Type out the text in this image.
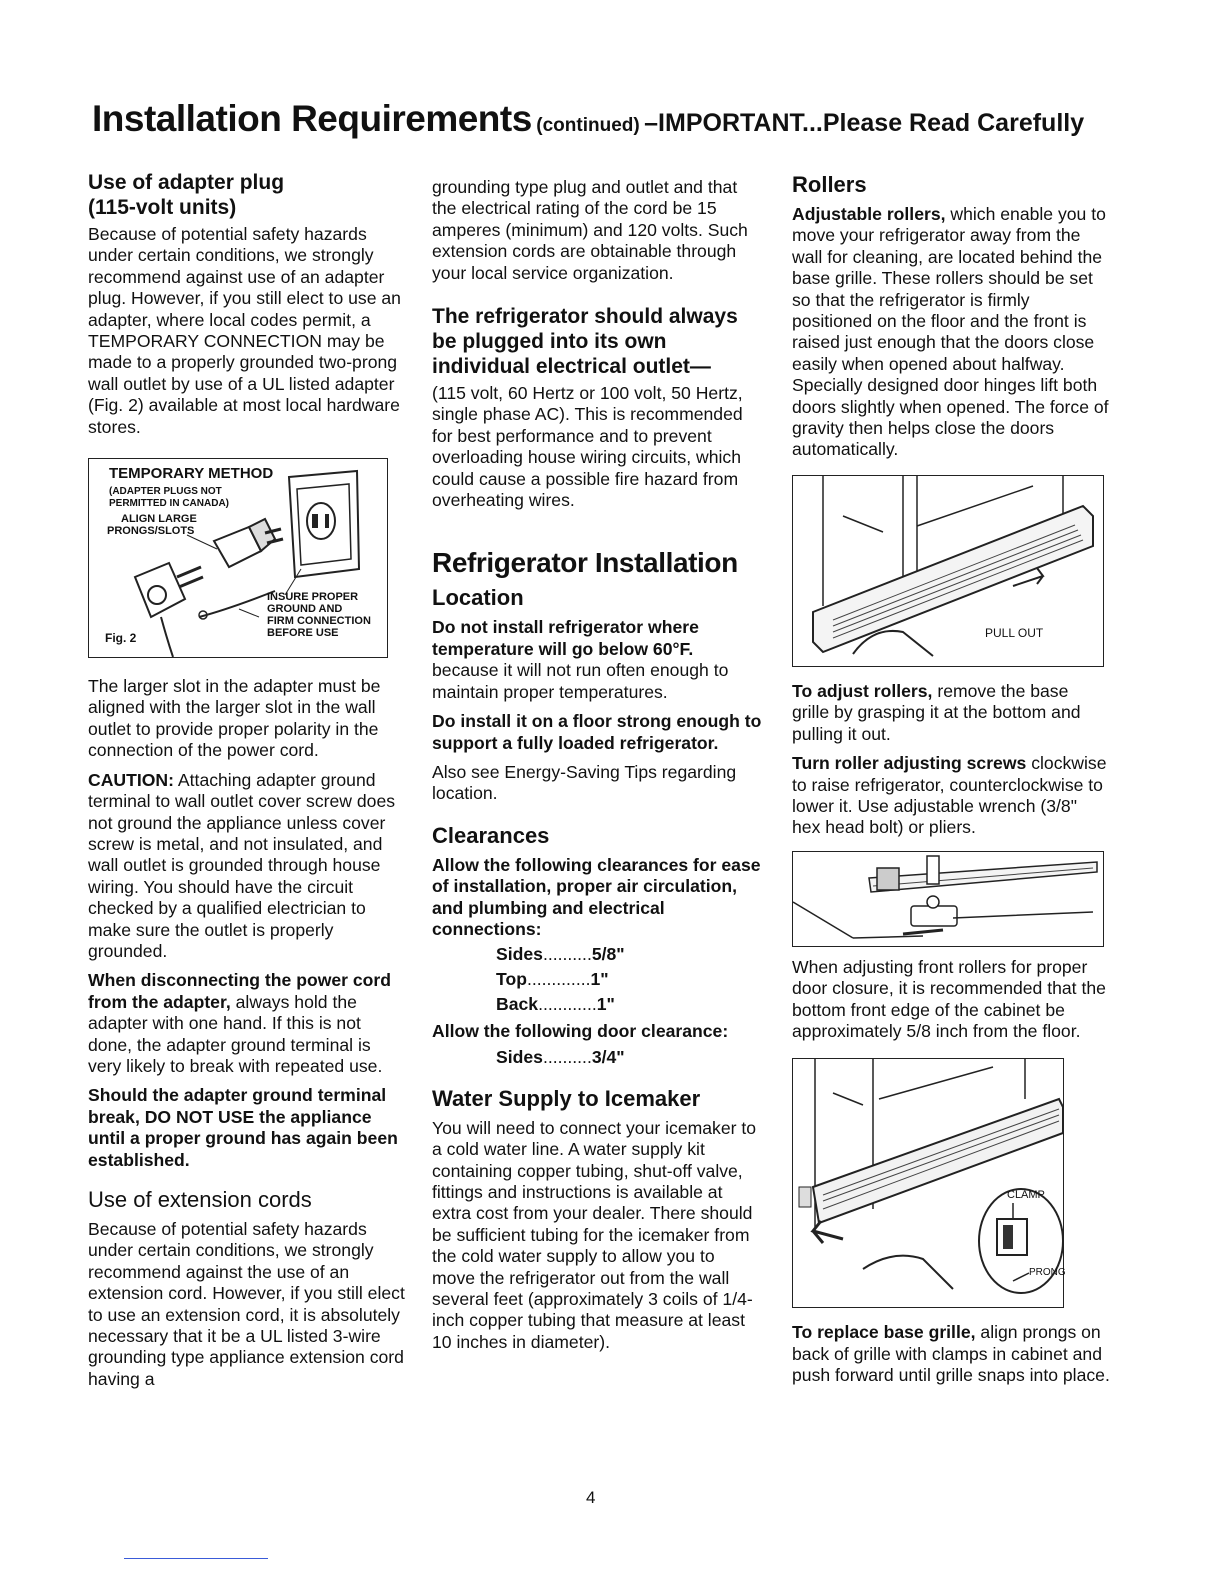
Installation Requirements (continued) –IMPORTANT...Please Read Carefully
Use of adapter plug
(115-volt units)

Because of potential safety hazards under certain conditions, we strongly recommend against use of an adapter plug. However, if you still elect to use an adapter, where local codes permit, a TEMPORARY CONNECTION may be made to a properly grounded two-prong wall outlet by use of a UL listed adapter (Fig. 2) available at most local hardware stores.

TEMPORARY METHOD
(ADAPTER PLUGS NOT
PERMITTED IN CANADA)
ALIGN LARGE
PRONGS/SLOTS
INSURE PROPER
GROUND AND
FIRM CONNECTION
BEFORE USE
Fig. 2

The larger slot in the adapter must be aligned with the larger slot in the wall outlet to provide proper polarity in the connection of the power cord.

CAUTION: Attaching adapter ground terminal to wall outlet cover screw does not ground the appliance unless cover screw is metal, and not insulated, and wall outlet is grounded through house wiring. You should have the circuit checked by a qualified electrician to make sure the outlet is properly grounded.

When disconnecting the power cord from the adapter, always hold the adapter with one hand. If this is not done, the adapter ground terminal is very likely to break with repeated use.

Should the adapter ground terminal break, DO NOT USE the appliance until a proper ground has again been established.

Use of extension cords

Because of potential safety hazards under certain conditions, we strongly recommend against the use of an extension cord. However, if you still elect to use an extension cord, it is absolutely necessary that it be a UL listed 3-wire grounding type appliance extension cord having a

grounding type plug and outlet and that the electrical rating of the cord be 15 amperes (minimum) and 120 volts. Such extension cords are obtainable through your local service organization.

The refrigerator should always
be plugged into its own
individual electrical outlet—

(115 volt, 60 Hertz or 100 volt, 50 Hertz, single phase AC). This is recommended for best performance and to prevent overloading house wiring circuits, which could cause a possible fire hazard from overheating wires.

Refrigerator Installation
Location

Do not install refrigerator where temperature will go below 60°F. because it will not run often enough to maintain proper temperatures.

Do install it on a floor strong enough to support a fully loaded refrigerator.

Also see Energy-Saving Tips regarding location.

Clearances

Allow the following clearances for ease of installation, proper air circulation, and plumbing and electrical connections:

Sides..........5/8"
Top.............1"
Back............1"

Allow the following door clearance:

Sides..........3/4"
Water Supply to Icemaker

You will need to connect your icemaker to a cold water line. A water supply kit containing copper tubing, shut-off valve, fittings and instructions is available at extra cost from your dealer. There should be sufficient tubing for the icemaker from the cold water supply to allow you to move the refrigerator out from the wall several feet (approximately 3 coils of 1/4-inch copper tubing that measure at least 10 inches in diameter).

Rollers

Adjustable rollers, which enable you to move your refrigerator away from the wall for cleaning, are located behind the base grille. These rollers should be set so that the refrigerator is firmly positioned on the floor and the front is raised just enough that the doors close easily when opened about halfway. Specially designed door hinges lift both doors slightly when opened. The force of gravity then helps close the doors automatically.

PULL OUT

To adjust rollers, remove the base grille by grasping it at the bottom and pulling it out.

Turn roller adjusting screws clockwise to raise refrigerator, counterclockwise to lower it. Use adjustable wrench (3/8" hex head bolt) or pliers.

When adjusting front rollers for proper door closure, it is recommended that the bottom front edge of the cabinet be approximately 5/8 inch from the floor.

CLAMP
PRONG

To replace base grille, align prongs on back of grille with clamps in cabinet and push forward until grille snaps into place.

4
